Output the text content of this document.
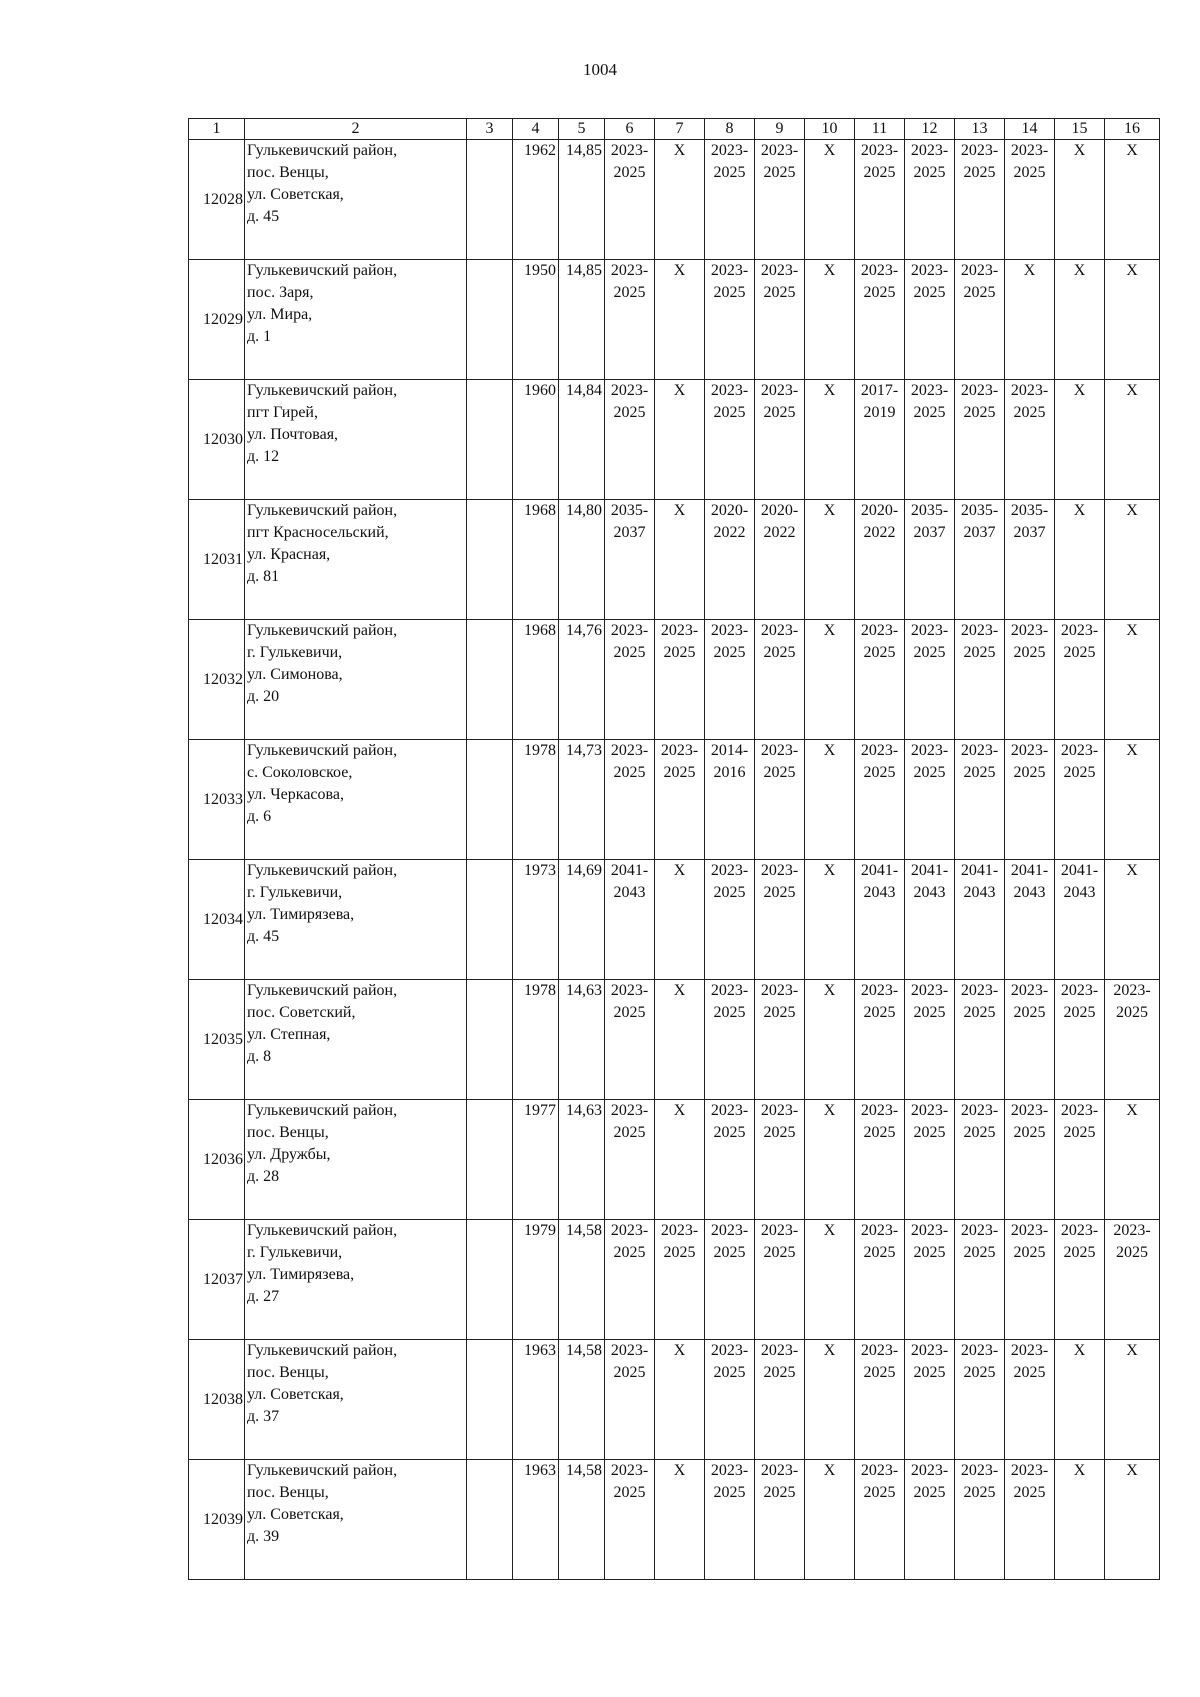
1004
1	2	3	4	5	6	7	8	9	10	11	12	13	14	15	16
12028	Гулькевичский район,
пос. Венцы,
ул. Советская,
д. 45		1962	14,85	2023-
2025	Х	2023-
2025	2023-
2025	Х	2023-
2025	2023-
2025	2023-
2025	2023-
2025	Х	Х

12029	Гулькевичский район,
пос. Заря,
ул. Мира,
д. 1		1950	14,85	2023-
2025	Х	2023-
2025	2023-
2025	Х	2023-
2025	2023-
2025	2023-
2025	Х	Х	Х

12030	Гулькевичский район,
пгт Гирей,
ул. Почтовая,
д. 12		1960	14,84	2023-
2025	Х	2023-
2025	2023-
2025	Х	2017-
2019	2023-
2025	2023-
2025	2023-
2025	Х	Х

12031	Гулькевичский район,
пгт Красносельский,
ул. Красная,
д. 81		1968	14,80	2035-
2037	Х	2020-
2022	2020-
2022	Х	2020-
2022	2035-
2037	2035-
2037	2035-
2037	Х	Х

12032	Гулькевичский район,
г. Гулькевичи,
ул. Симонова,
д. 20		1968	14,76	2023-
2025	2023-
2025	2023-
2025	2023-
2025	Х	2023-
2025	2023-
2025	2023-
2025	2023-
2025	2023-
2025	Х

12033	Гулькевичский район,
с. Соколовское,
ул. Черкасова,
д. 6		1978	14,73	2023-
2025	2023-
2025	2014-
2016	2023-
2025	Х	2023-
2025	2023-
2025	2023-
2025	2023-
2025	2023-
2025	Х

12034	Гулькевичский район,
г. Гулькевичи,
ул. Тимирязева,
д. 45		1973	14,69	2041-
2043	Х	2023-
2025	2023-
2025	Х	2041-
2043	2041-
2043	2041-
2043	2041-
2043	2041-
2043	Х

12035	Гулькевичский район,
пос. Советский,
ул. Степная,
д. 8		1978	14,63	2023-
2025	Х	2023-
2025	2023-
2025	Х	2023-
2025	2023-
2025	2023-
2025	2023-
2025	2023-
2025	2023-
2025

12036	Гулькевичский район,
пос. Венцы,
ул. Дружбы,
д. 28		1977	14,63	2023-
2025	Х	2023-
2025	2023-
2025	Х	2023-
2025	2023-
2025	2023-
2025	2023-
2025	2023-
2025	Х

12037	Гулькевичский район,
г. Гулькевичи,
ул. Тимирязева,
д. 27		1979	14,58	2023-
2025	2023-
2025	2023-
2025	2023-
2025	Х	2023-
2025	2023-
2025	2023-
2025	2023-
2025	2023-
2025	2023-
2025

12038	Гулькевичский район,
пос. Венцы,
ул. Советская,
д. 37		1963	14,58	2023-
2025	Х	2023-
2025	2023-
2025	Х	2023-
2025	2023-
2025	2023-
2025	2023-
2025	Х	Х

12039	Гулькевичский район,
пос. Венцы,
ул. Советская,
д. 39		1963	14,58	2023-
2025	Х	2023-
2025	2023-
2025	Х	2023-
2025	2023-
2025	2023-
2025	2023-
2025	Х	Х
